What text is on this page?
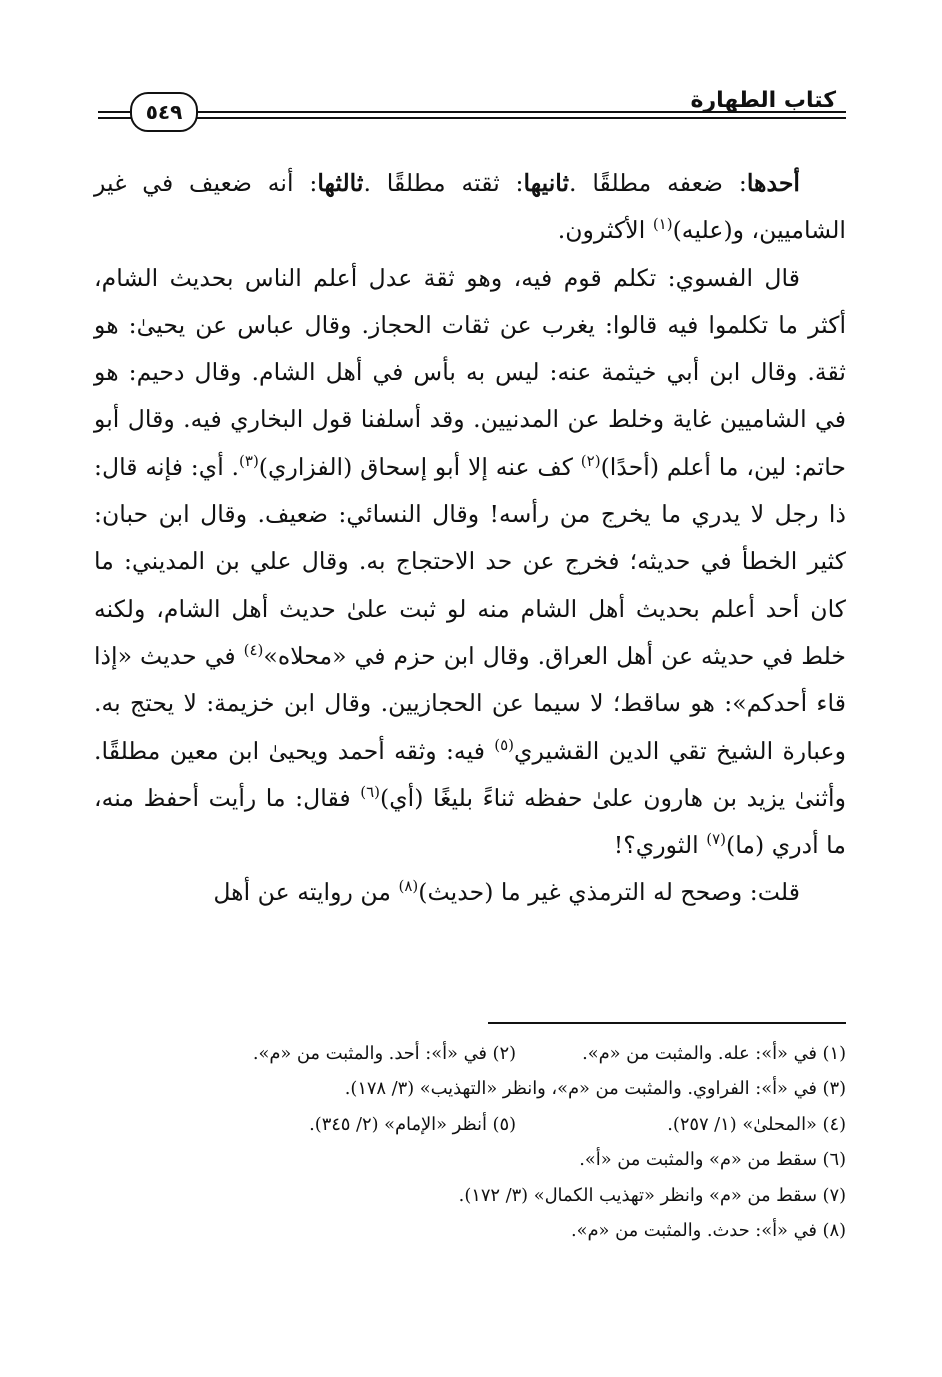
كتاب الطهارة
٥٤٩

أحدها: ضعفه مطلقًا .ثانيها: ثقته مطلقًا .ثالثها: أنه ضعيف في غير الشاميين، و(عليه)$^{(١)}$ الأكثرون.

قال الفسوي: تكلم قوم فيه، وهو ثقة عدل أعلم الناس بحديث الشام، أكثر ما تكلموا فيه قالوا: يغرب عن ثقات الحجاز. وقال عباس عن يحيىٰ: هو ثقة. وقال ابن أبي خيثمة عنه: ليس به بأس في أهل الشام. وقال دحيم: هو في الشاميين غاية وخلط عن المدنيين. وقد أسلفنا قول البخاري فيه. وقال أبو حاتم: لين، ما أعلم (أحدًا)$^{(٢)}$ كف عنه إلا أبو إسحاق (الفزاري)$^{(٣)}$. أي: فإنه قال: ذا رجل لا يدري ما يخرج من رأسه! وقال النسائي: ضعيف. وقال ابن حبان: كثير الخطأ في حديثه؛ فخرج عن حد الاحتجاج به. وقال علي بن المديني: ما كان أحد أعلم بحديث أهل الشام منه لو ثبت علىٰ حديث أهل الشام، ولكنه خلط في حديثه عن أهل العراق. وقال ابن حزم في «محلاه»$^{(٤)}$ في حديث «إذا قاء أحدكم»: هو ساقط؛ لا سيما عن الحجازيين. وقال ابن خزيمة: لا يحتج به. وعبارة الشيخ تقي الدين القشيري$^{(٥)}$ فيه: وثقه أحمد ويحيىٰ ابن معين مطلقًا. وأثنىٰ يزيد بن هارون علىٰ حفظه ثناءً بليغًا (أي)$^{(٦)}$ فقال: ما رأيت أحفظ منه، ما أدري (ما)$^{(٧)}$ الثوري؟!

قلت: وصحح له الترمذي غير ما (حديث)$^{(٨)}$ من روايته عن أهل

(١) في «أ»: عله. والمثبت من «م».
(٢) في «أ»: أحد. والمثبت من «م».
(٣) في «أ»: الفراوي. والمثبت من «م»، وانظر «التهذيب» (٣/ ١٧٨).
(٤) «المحلىٰ» (١/ ٢٥٧).
(٥) أنظر «الإمام» (٢/ ٣٤٥).
(٦) سقط من «م» والمثبت من «أ».
(٧) سقط من «م» وانظر «تهذيب الكمال» (٣/ ١٧٢).
(٨) في «أ»: حدث. والمثبت من «م».
